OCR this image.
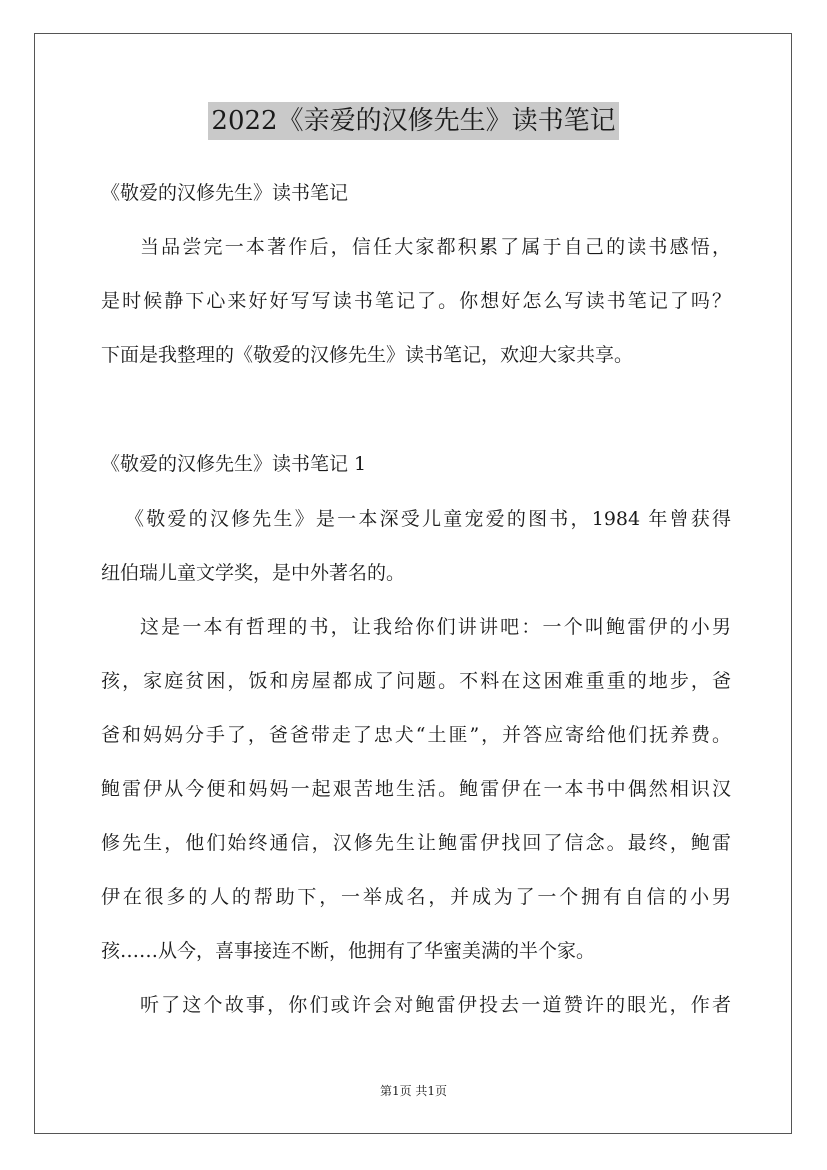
2022《亲爱的汉修先生》读书笔记

《敬爱的汉修先生》读书笔记

当品尝完一本著作后，信任大家都积累了属于自己的读书感悟，

是时候静下心来好好写写读书笔记了。你想好怎么写读书笔记了吗？

下面是我整理的《敬爱的汉修先生》读书笔记，欢迎大家共享。

《敬爱的汉修先生》读书笔记 1

《敬爱的汉修先生》是一本深受儿童宠爱的图书，1984 年曾获得

纽伯瑞儿童文学奖，是中外著名的。

这是一本有哲理的书，让我给你们讲讲吧：一个叫鲍雷伊的小男

孩，家庭贫困，饭和房屋都成了问题。不料在这困难重重的地步，爸

爸和妈妈分手了，爸爸带走了忠犬“土匪”，并答应寄给他们抚养费。

鲍雷伊从今便和妈妈一起艰苦地生活。鲍雷伊在一本书中偶然相识汉

修先生，他们始终通信，汉修先生让鲍雷伊找回了信念。最终，鲍雷

伊在很多的人的帮助下，一举成名，并成为了一个拥有自信的小男

孩……从今，喜事接连不断，他拥有了华蜜美满的半个家。

听了这个故事，你们或许会对鲍雷伊投去一道赞许的眼光，作者

第1页 共1页
